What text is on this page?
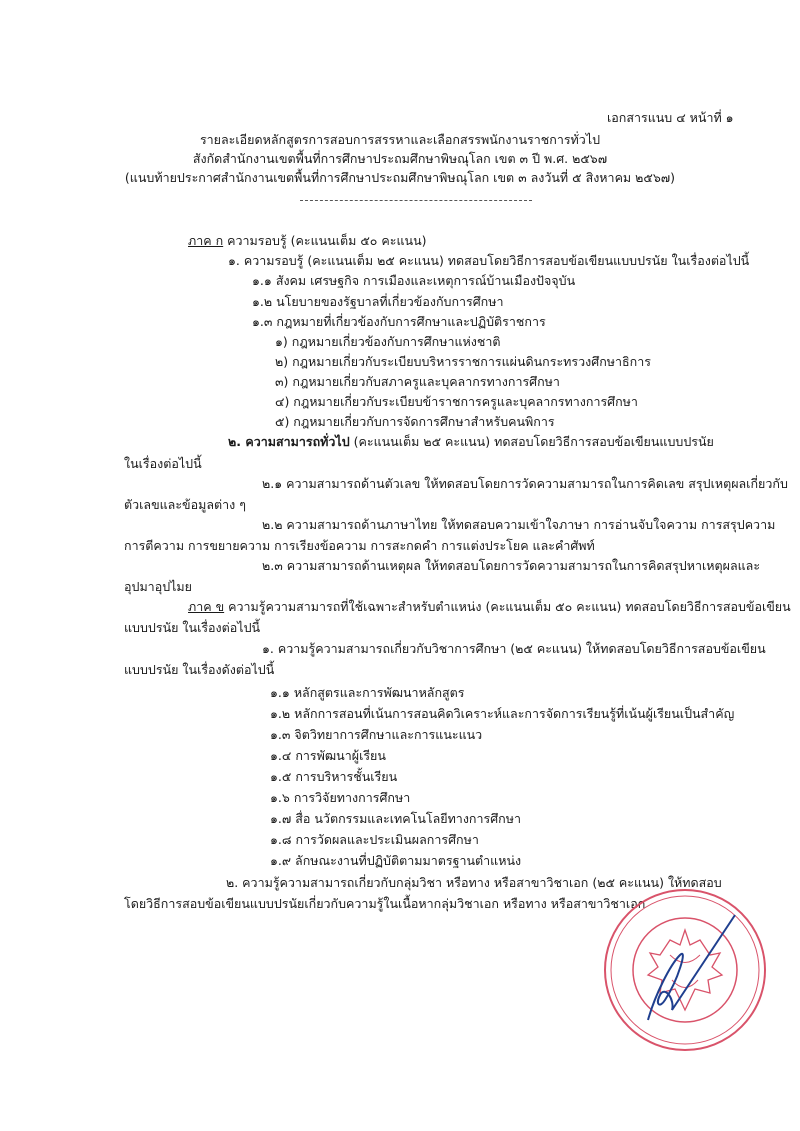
เอกสารแนบ ๔ หน้าที่ ๑
รายละเอียดหลักสูตรการสอบการสรรหาและเลือกสรรพนักงานราชการทั่วไป
สังกัดสำนักงานเขตพื้นที่การศึกษาประถมศึกษาพิษณุโลก เขต ๓ ปี พ.ศ. ๒๕๖๗
(แนบท้ายประกาศสำนักงานเขตพื้นที่การศึกษาประถมศึกษาพิษณุโลก เขต ๓ ลงวันที่ ๕ สิงหาคม ๒๕๖๗)
ภาค ก ความรอบรู้ (คะแนนเต็ม ๕๐ คะแนน)
๑. ความรอบรู้ (คะแนนเต็ม ๒๕ คะแนน) ทดสอบโดยวิธีการสอบข้อเขียนแบบปรนัย ในเรื่องต่อไปนี้
๑.๑ สังคม เศรษฐกิจ การเมืองและเหตุการณ์บ้านเมืองปัจจุบัน
๑.๒ นโยบายของรัฐบาลที่เกี่ยวข้องกับการศึกษา
๑.๓ กฎหมายที่เกี่ยวข้องกับการศึกษาและปฏิบัติราชการ
๑) กฎหมายเกี่ยวข้องกับการศึกษาแห่งชาติ
๒) กฎหมายเกี่ยวกับระเบียบบริหารราชการแผ่นดินกระทรวงศึกษาธิการ
๓) กฎหมายเกี่ยวกับสภาครูและบุคลากรทางการศึกษา
๔) กฎหมายเกี่ยวกับระเบียบข้าราชการครูและบุคลากรทางการศึกษา
๕) กฎหมายเกี่ยวกับการจัดการศึกษาสำหรับคนพิการ
๒. ความสามารถทั่วไป (คะแนนเต็ม ๒๕ คะแนน) ทดสอบโดยวิธีการสอบข้อเขียนแบบปรนัย
ในเรื่องต่อไปนี้
๒.๑ ความสามารถด้านตัวเลข ให้ทดสอบโดยการวัดความสามารถในการคิดเลข สรุปเหตุผลเกี่ยวกับ
ตัวเลขและข้อมูลต่าง ๆ
๒.๒ ความสามารถด้านภาษาไทย ให้ทดสอบความเข้าใจภาษา การอ่านจับใจความ การสรุปความ
การตีความ การขยายความ การเรียงข้อความ การสะกดคำ การแต่งประโยค และคำศัพท์
๒.๓ ความสามารถด้านเหตุผล ให้ทดสอบโดยการวัดความสามารถในการคิดสรุปหาเหตุผลและ
อุปมาอุปไมย
ภาค ข ความรู้ความสามารถที่ใช้เฉพาะสำหรับตำแหน่ง (คะแนนเต็ม ๕๐ คะแนน) ทดสอบโดยวิธีการสอบข้อเขียน
แบบปรนัย ในเรื่องต่อไปนี้
๑. ความรู้ความสามารถเกี่ยวกับวิชาการศึกษา (๒๕ คะแนน) ให้ทดสอบโดยวิธีการสอบข้อเขียน
แบบปรนัย ในเรื่องดังต่อไปนี้
๑.๑ หลักสูตรและการพัฒนาหลักสูตร
๑.๒ หลักการสอนที่เน้นการสอนคิดวิเคราะห์และการจัดการเรียนรู้ที่เน้นผู้เรียนเป็นสำคัญ
๑.๓ จิตวิทยาการศึกษาและการแนะแนว
๑.๔ การพัฒนาผู้เรียน
๑.๕ การบริหารชั้นเรียน
๑.๖ การวิจัยทางการศึกษา
๑.๗ สื่อ นวัตกรรมและเทคโนโลยีทางการศึกษา
๑.๘ การวัดผลและประเมินผลการศึกษา
๑.๙ ลักษณะงานที่ปฏิบัติตามมาตรฐานตำแหน่ง
๒. ความรู้ความสามารถเกี่ยวกับกลุ่มวิชา หรือทาง หรือสาขาวิชาเอก (๒๕ คะแนน) ให้ทดสอบ
โดยวิธีการสอบข้อเขียนแบบปรนัยเกี่ยวกับความรู้ในเนื้อหากลุ่มวิชาเอก หรือทาง หรือสาขาวิชาเอก
